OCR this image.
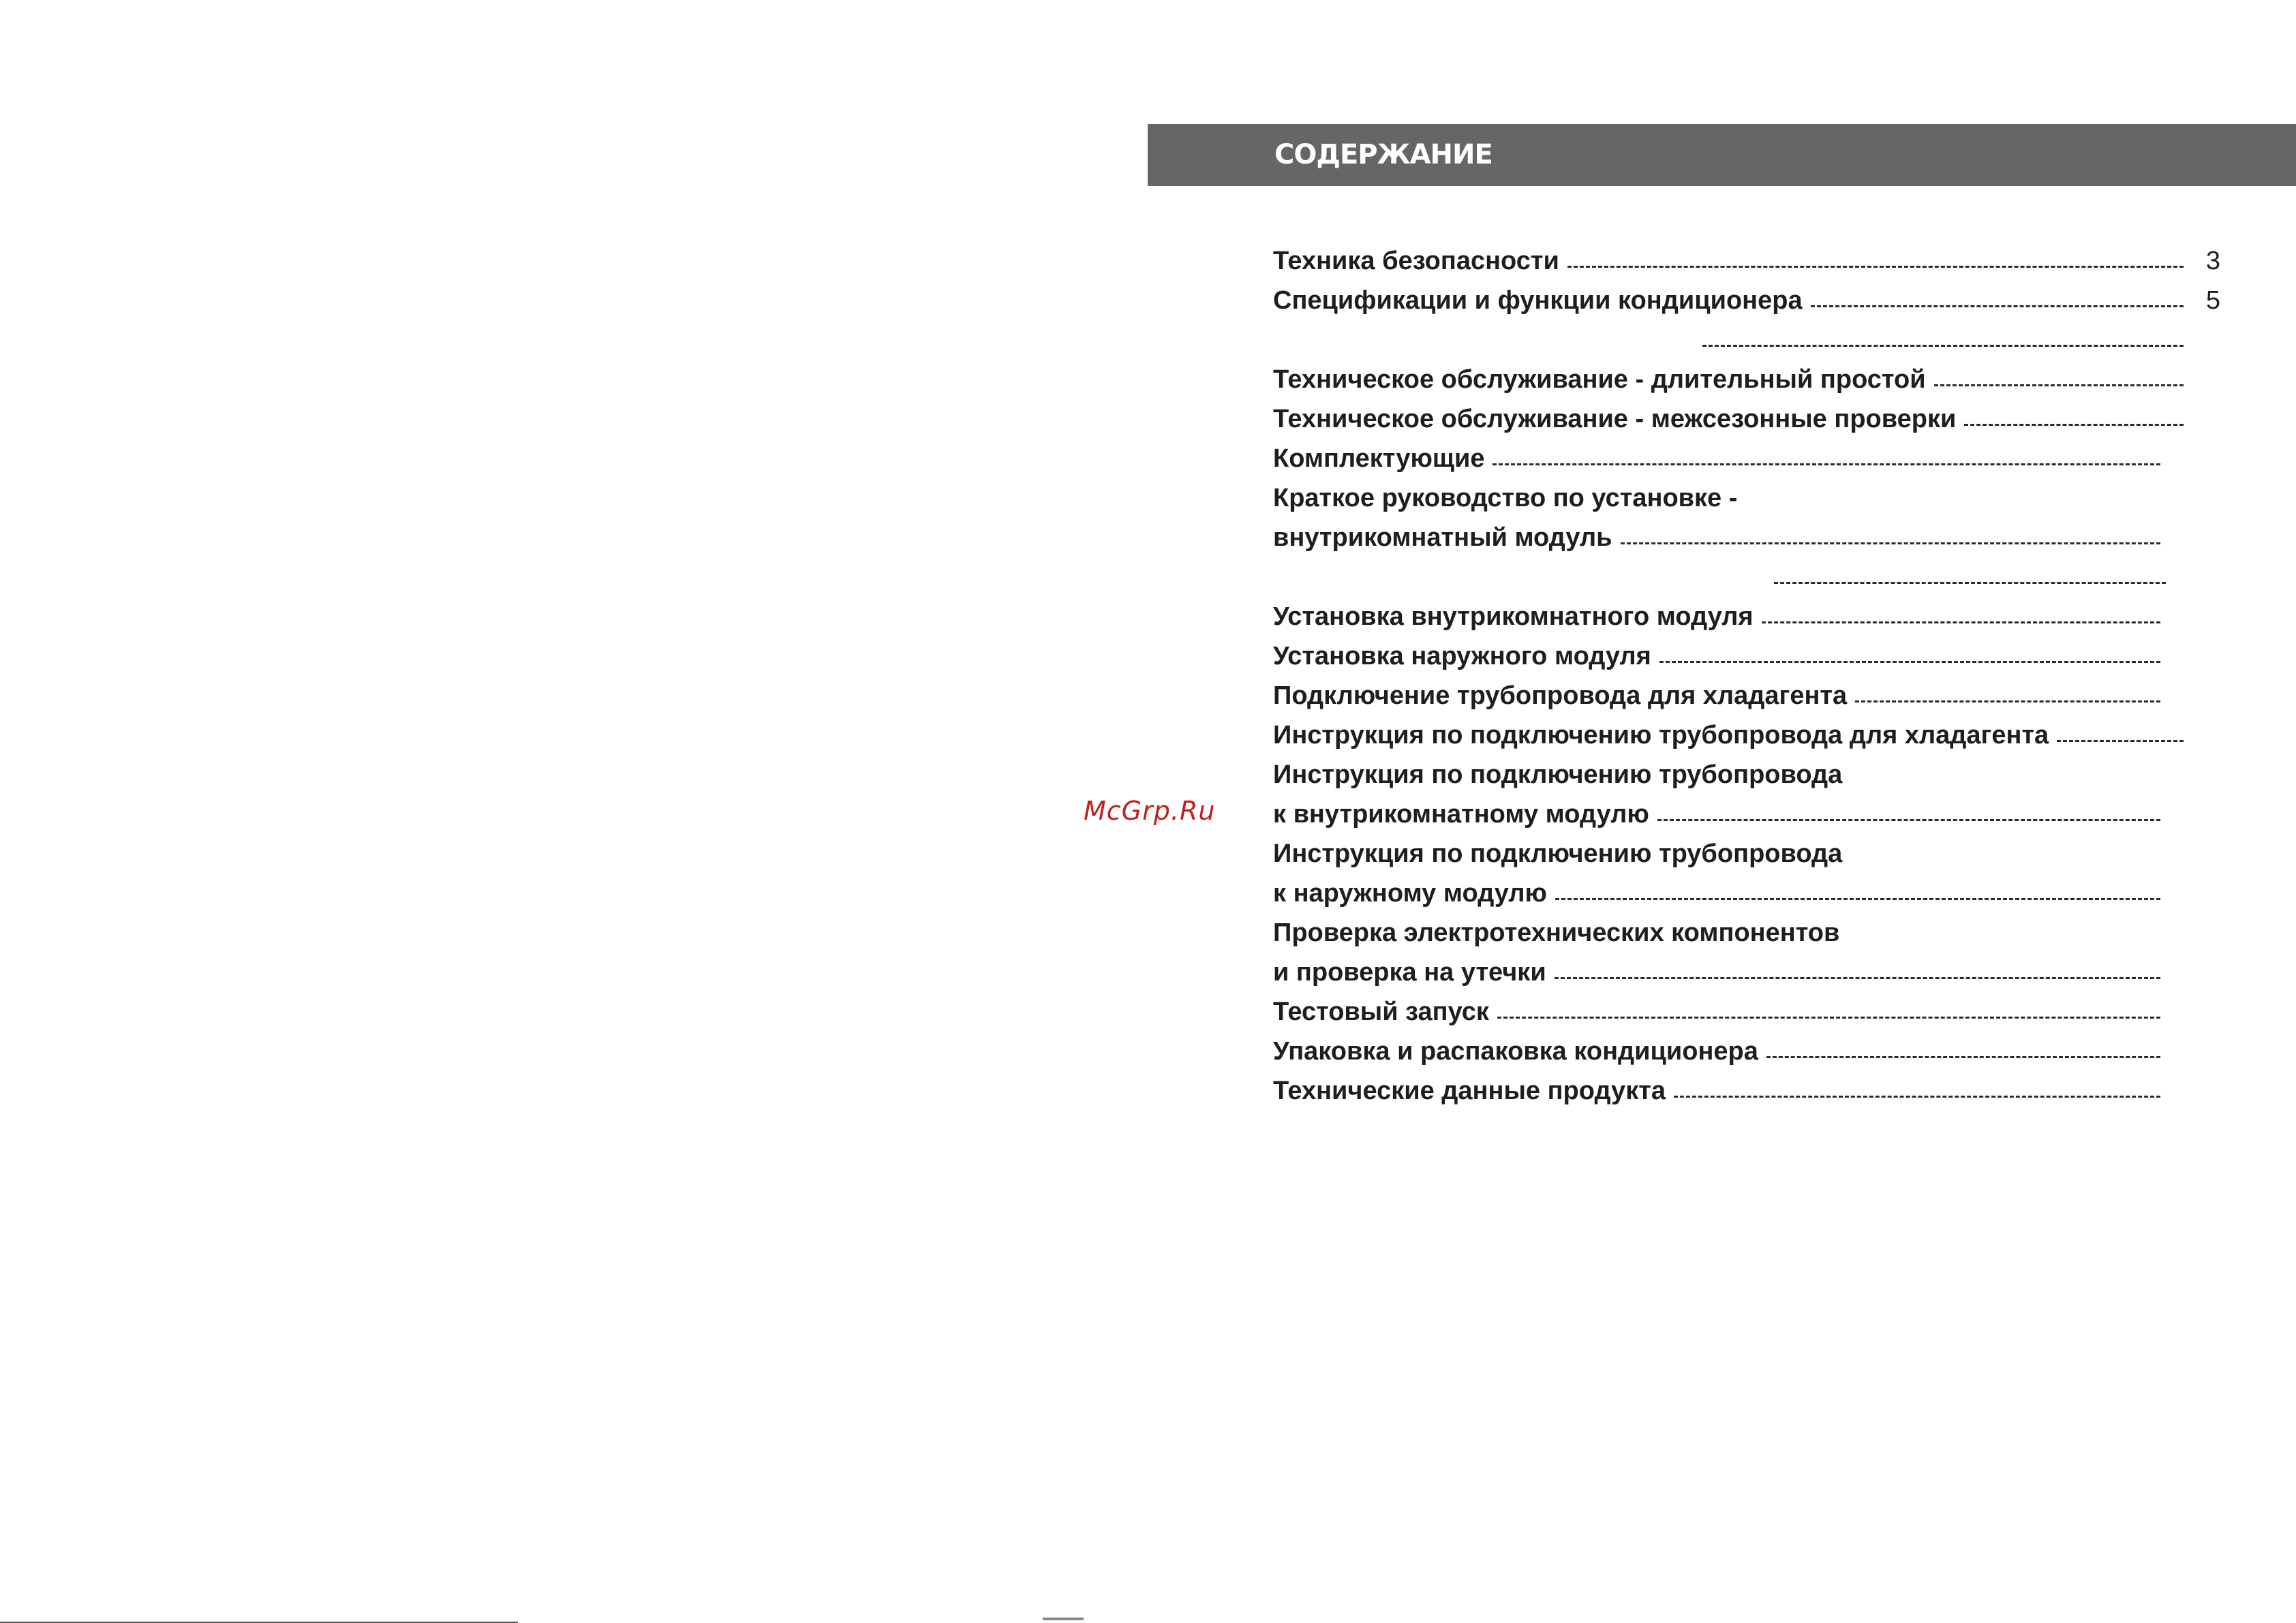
СОДЕРЖАНИЕ
McGrp.Ru
Техника безопасности	3
Спецификации и функции кондиционера	5
Техническое обслуживание - длительный простой
Техническое обслуживание - межсезонные проверки
Комплектующие
Краткое руководство по установке -
внутрикомнатный модуль
Установка внутрикомнатного модуля
Установка наружного модуля
Подключение трубопровода для хладагента
Инструкция по подключению трубопровода для хладагента
Инструкция по подключению трубопровода
к внутрикомнатному модулю
Инструкция по подключению трубопровода
к наружному модулю
Проверка электротехнических компонентов
и проверка на утечки
Тестовый запуск
Упаковка и распаковка кондиционера
Технические данные продукта
